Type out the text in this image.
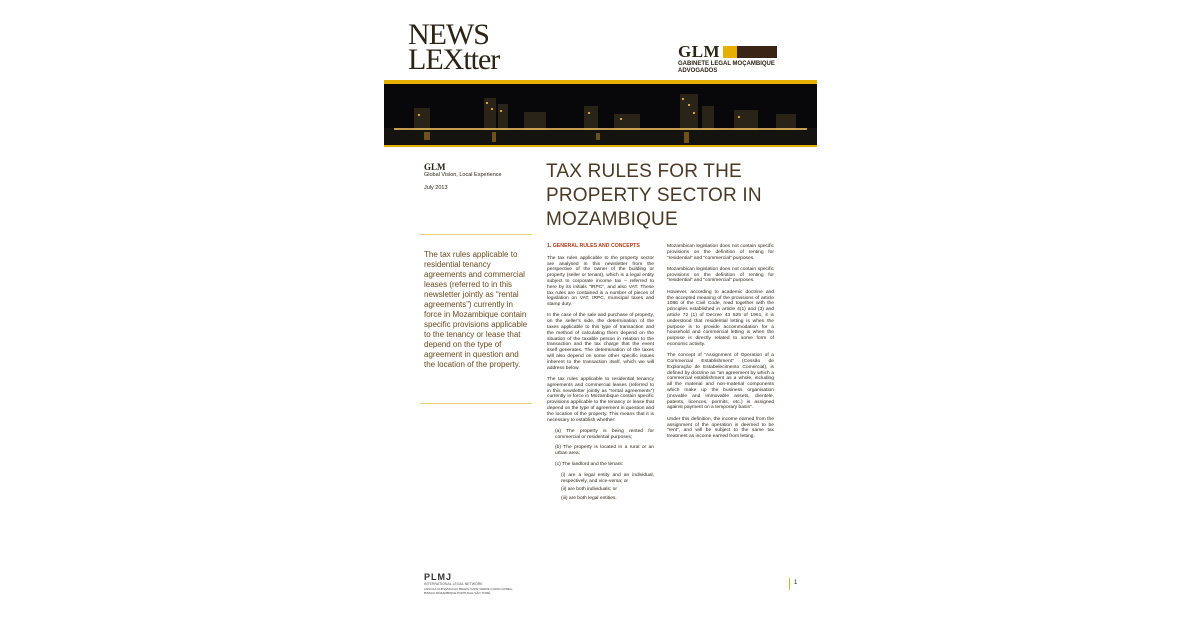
NEWS
LEXtter	GLM
GABINETE LEGAL MOÇAMBIQUE
ADVOGADOS
GLM
Global Vision, Local Experience
July 2013
The tax rules applicable to residential tenancy agreements and commercial leases (referred to in this newsletter jointly as “rental agreements”) currently in force in Mozambique contain specific provisions applicable to the tenancy or lease that depend on the type of agreement in question and the location of the property.
TAX RULES FOR THE PROPERTY SECTOR IN MOZAMBIQUE

1. GENERAL RULES AND CONCEPTS

The tax rules applicable to the property sector are analysed in this newsletter from the perspective of the owner of the building or property (seller or tenant), which is a legal entity subject to corporate income tax – referred to here by its initials “IRPC”, and also VAT. These tax rules are contained in a number of pieces of legislation on VAT, IRPC, municipal taxes and stamp duty.

In the case of the sale and purchase of property, on the seller’s side, the determination of the taxes applicable to this type of transaction and the method of calculating them depend on the situation of the taxable person in relation to the transaction and the tax charge that the event itself generates. The determination of the taxes will also depend on some other specific issues inherent to the transaction itself, which we will address below.

The tax rules applicable to residential tenancy agreements and commercial leases (referred to in this newsletter jointly as “rental agreements”) currently in force in Mozambique contain specific provisions applicable to the tenancy or lease that depend on the type of agreement in question and the location of the property. This means that it is necessary to establish whether:

(a) The property is being rented for commercial or residential purposes;

(b) The property is located in a rural or an urban area;

(c) The landlord and the tenant:

(i) are a legal entity and an individual, respectively, and vice-versa; or

(ii) are both individuals; or

(iii) are both legal entities.

Mozambican legislation does not contain specific provisions on the definition of renting for “residential” and “commercial” purposes.

Mozambican legislation does not contain specific provisions on the definition of renting for “residential” and “commercial” purposes.

However, according to academic doctrine and the accepted meaning of the provisions of article 1086 of the Civil Code, read together with the principles established in article 4(1) and (3) and article 72 (1) of Decree 43 525 of 1961, it is understood that residential letting is when the purpose is to provide accommodation for a household and commercial letting is when the purpose is directly related to some form of economic activity.

The concept of “Assignment of Operation of a Commercial Establishment” (Cessão de Exploração de Estabelecimento Comercial), is defined by doctrine as “an agreement by which a commercial establishment as a whole, including all the material and non-material components which make up the business organisation (movable and immovable assets, clientele, patents, licences, permits, etc.) is assigned against payment on a temporary basis”.

Under this definition, the income earned from the assignment of the operation is deemed to be “rent”, and will be subject to the same tax treatment as income earned from letting.

PLMJ
INTERNATIONAL LEGAL NETWORK
ANGOLA CHINA/MACAU BRAZIL CAPE VERDE CHINA GUINEA-BISSAU MOZAMBIQUE PORTUGAL SÃO TOMÉ
1
